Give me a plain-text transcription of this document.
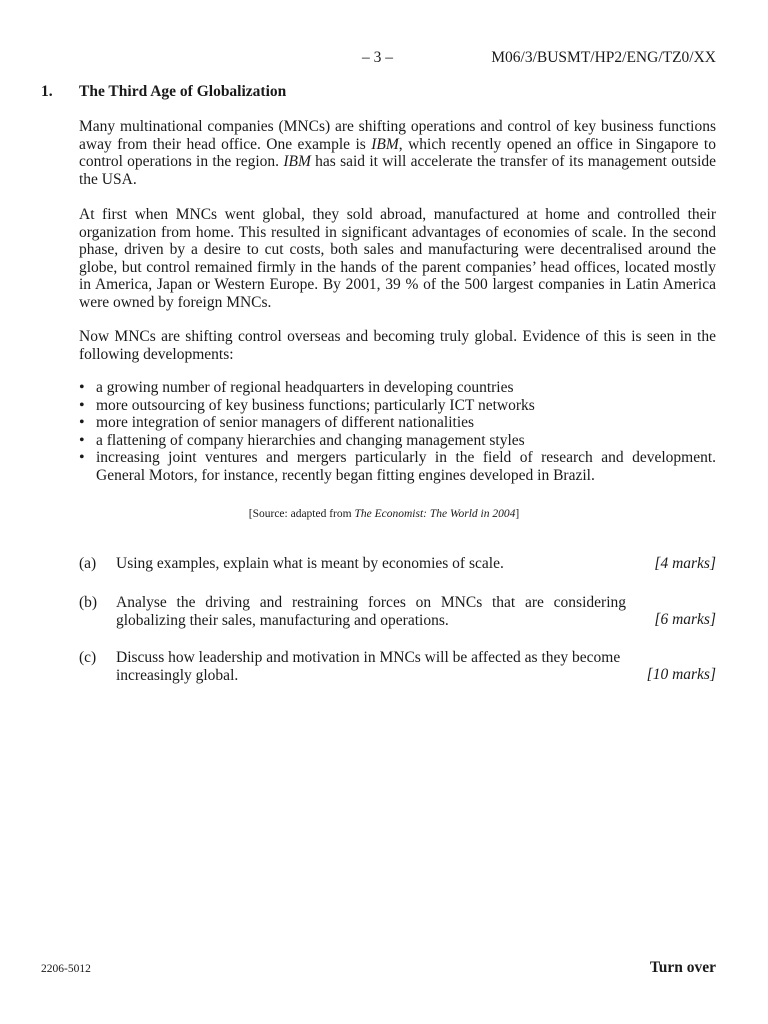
– 3 –	M06/3/BUSMT/HP2/ENG/TZ0/XX
1. The Third Age of Globalization

Many multinational companies (MNCs) are shifting operations and control of key business functions
away from their head office. One example is IBM, which recently opened an office in Singapore to
control operations in the region. IBM has said it will accelerate the transfer of its management outside
the USA.

At first when MNCs went global, they sold abroad, manufactured at home and controlled their
organization from home. This resulted in significant advantages of economies of scale. In the second
phase, driven by a desire to cut costs, both sales and manufacturing were decentralised around the
globe, but control remained firmly in the hands of the parent companies’ head offices, located mostly
in America, Japan or Western Europe. By 2001, 39 % of the 500 largest companies in Latin America
were owned by foreign MNCs.

Now MNCs are shifting control overseas and becoming truly global. Evidence of this is seen in the
following developments:

• a growing number of regional headquarters in developing countries
• more outsourcing of key business functions; particularly ICT networks
• more integration of senior managers of different nationalities
• a flattening of company hierarchies and changing management styles
• increasing joint ventures and mergers particularly in the field of research and development.
General Motors, for instance, recently began fitting engines developed in Brazil.
[Source: adapted from The Economist: The World in 2004]
(a) Using examples, explain what is meant by economies of scale.	[4 marks]
(b) Analyse the driving and restraining forces on MNCs that are considering
globalizing their sales, manufacturing and operations.	[6 marks]
(c) Discuss how leadership and motivation in MNCs will be affected as they become
increasingly global.	[10 marks]
2206-5012	Turn over
